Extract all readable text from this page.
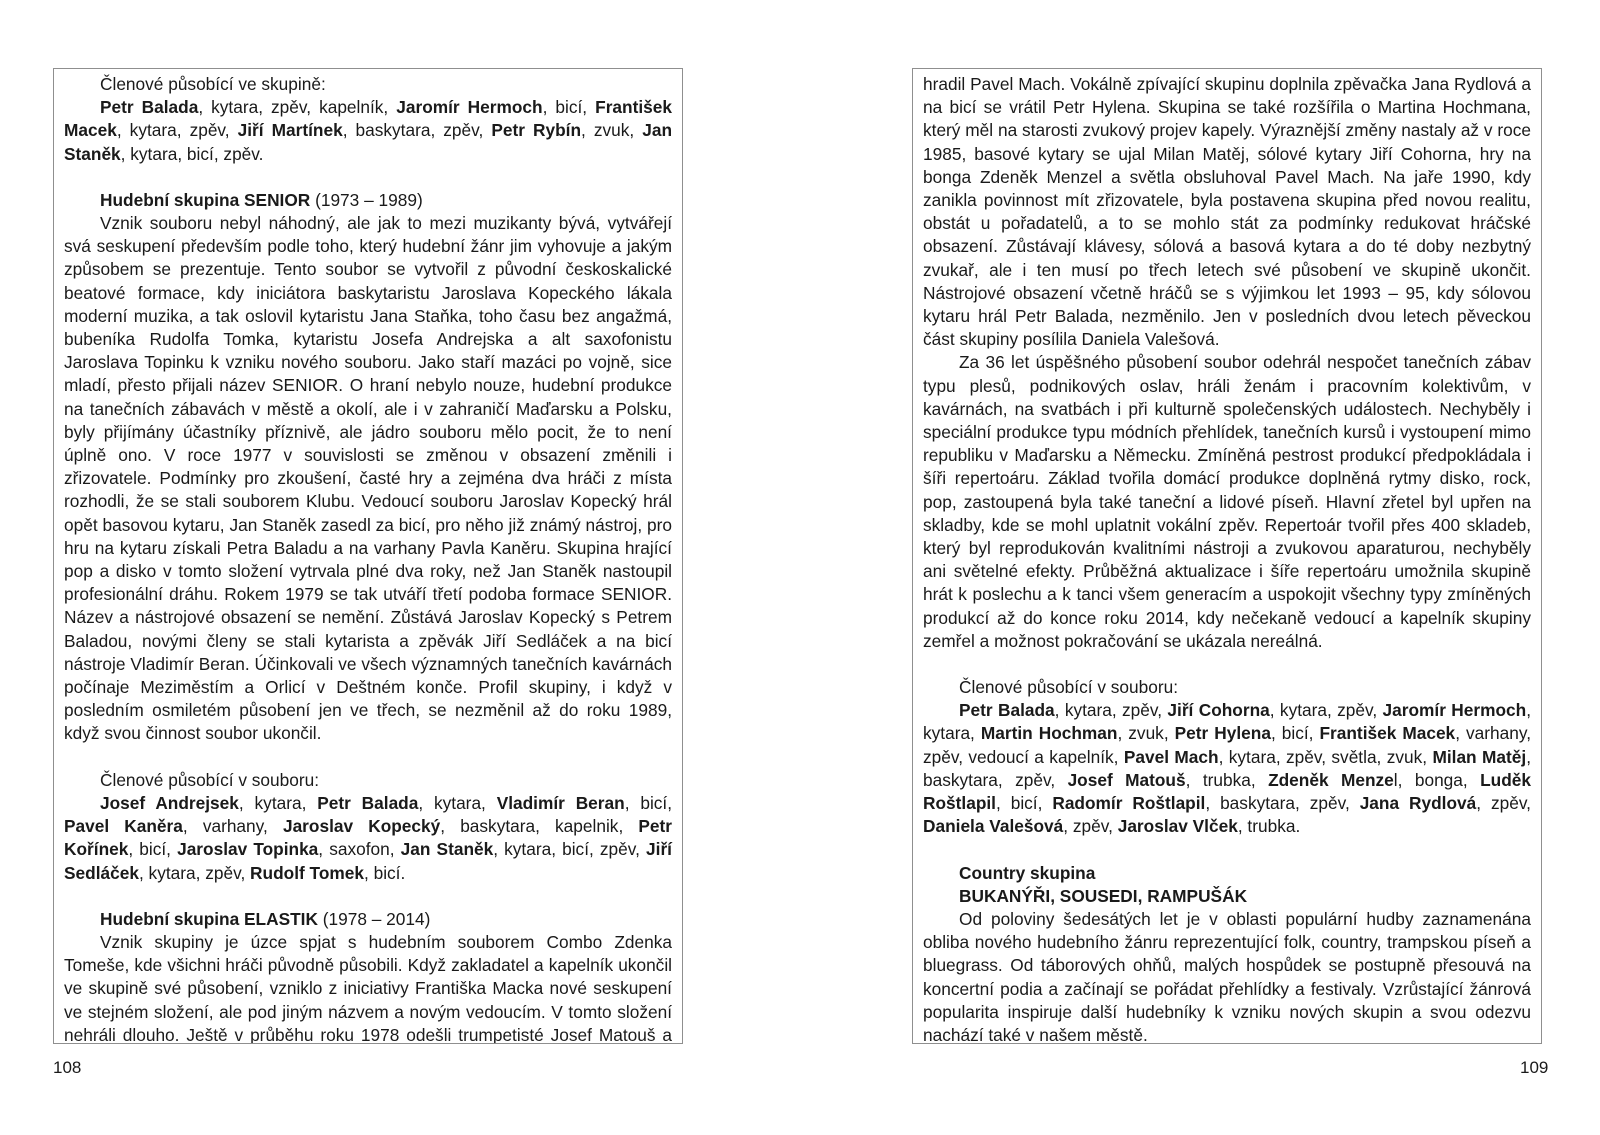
Členové působící ve skupině:

Petr Balada, kytara, zpěv, kapelník, Jaromír Hermoch, bicí, František Macek, kytara, zpěv, Jiří Martínek, baskytara, zpěv, Petr Rybín, zvuk, Jan Staněk, kytara, bicí, zpěv.

Hudební skupina SENIOR (1973 – 1989)

Vznik souboru nebyl náhodný, ale jak to mezi muzikanty bývá, vytvářejí svá seskupení především podle toho, který hudební žánr jim vyhovuje a jakým způsobem se prezentuje. Tento soubor se vytvořil z původní českoskalické beatové formace, kdy iniciátora baskytaristu Jaroslava Kopeckého lákala moderní muzika, a tak oslovil kytaristu Jana Staňka, toho času bez angažmá, bubeníka Rudolfa Tomka, kytaristu Josefa Andrejska a alt saxofonistu Jaroslava Topinku k vzniku nového souboru. Jako staří mazáci po vojně, sice mladí, přesto přijali název SENIOR. O hraní nebylo nouze, hudební produkce na tanečních zábavách v městě a okolí, ale i v zahraničí Maďarsku a Polsku, byly přijímány účastníky příznivě, ale jádro souboru mělo pocit, že to není úplně ono. V roce 1977 v souvislosti se změnou v obsazení změnili i zřizovatele. Podmínky pro zkoušení, časté hry a zejména dva hráči z místa rozhodli, že se stali souborem Klubu. Vedoucí souboru Jaroslav Kopecký hrál opět basovou kytaru, Jan Staněk zasedl za bicí, pro něho již známý nástroj, pro hru na kytaru získali Petra Baladu a na varhany Pavla Kaněru. Skupina hrající pop a disko v tomto složení vytrvala plné dva roky, než Jan Staněk nastoupil profesionální dráhu. Rokem 1979 se tak utváří třetí podoba formace SENIOR. Název a nástrojové obsazení se nemění. Zůstává Jaroslav Kopecký s Petrem Baladou, novými členy se stali kytarista a zpěvák Jiří Sedláček a na bicí nástroje Vladimír Beran. Účinkovali ve všech významných tanečních kavárnách počínaje Meziměstím a Orlicí v Deštném konče. Profil skupiny, i když v posledním osmiletém působení jen ve třech, se nezměnil až do roku 1989, když svou činnost soubor ukončil.

Členové působící v souboru:

Josef Andrejsek, kytara, Petr Balada, kytara, Vladimír Beran, bicí, Pavel Kaněra, varhany, Jaroslav Kopecký, baskytara, kapelnik, Petr Kořínek, bicí, Jaroslav Topinka, saxofon, Jan Staněk, kytara, bicí, zpěv, Jiří Sedláček, kytara, zpěv, Rudolf Tomek, bicí.

Hudební skupina ELASTIK (1978 – 2014)

Vznik skupiny je úzce spjat s hudebním souborem Combo Zdenka Tomeše, kde všichni hráči původně působili. Když zakladatel a kapelník ukončil ve skupině své působení, vzniklo z iniciativy Františka Macka nové seskupení ve stejném složení, ale pod jiným názvem a novým vedoucím. V tomto složení nehráli dlouho. Ještě v průběhu roku 1978 odešli trumpetisté Josef Matouš a

108

hradil Pavel Mach. Vokálně zpívající skupinu doplnila zpěvačka Jana Rydlová a na bicí se vrátil Petr Hylena. Skupina se také rozšířila o Martina Hochmana, který měl na starosti zvukový projev kapely. Výraznější změny nastaly až v roce 1985, basové kytary se ujal Milan Matěj, sólové kytary Jiří Cohorna, hry na bonga Zdeněk Menzel a světla obsluhoval Pavel Mach. Na jaře 1990, kdy zanikla povinnost mít zřizovatele, byla postavena skupina před novou realitu, obstát u pořadatelů, a to se mohlo stát za podmínky redukovat hráčské obsazení. Zůstávají klávesy, sólová a basová kytara a do té doby nezbytný zvukař, ale i ten musí po třech letech své působení ve skupině ukončit. Nástrojové obsazení včetně hráčů se s výjimkou let 1993 – 95, kdy sólovou kytaru hrál Petr Balada, nezměnilo. Jen v posledních dvou letech pěveckou část skupiny posílila Daniela Valešová.

Za 36 let úspěšného působení soubor odehrál nespočet tanečních zábav typu plesů, podnikových oslav, hráli ženám i pracovním kolektivům, v kavárnách, na svatbách i při kulturně společenských událostech. Nechyběly i speciální produkce typu módních přehlídek, tanečních kursů i vystoupení mimo republiku v Maďarsku a Německu. Zmíněná pestrost produkcí předpokládala i šíři repertoáru. Základ tvořila domácí produkce doplněná rytmy disko, rock, pop, zastoupená byla také taneční a lidové píseň. Hlavní zřetel byl upřen na skladby, kde se mohl uplatnit vokální zpěv. Repertoár tvořil přes 400 skladeb, který byl reprodukován kvalitními nástroji a zvukovou aparaturou, nechyběly ani světelné efekty. Průběžná aktualizace i šíře repertoáru umožnila skupině hrát k poslechu a k tanci všem generacím a uspokojit všechny typy zmíněných produkcí až do konce roku 2014, kdy nečekaně vedoucí a kapelník skupiny zemřel a možnost pokračování se ukázala nereálná.

Členové působící v souboru:

Petr Balada, kytara, zpěv, Jiří Cohorna, kytara, zpěv, Jaromír Hermoch, kytara, Martin Hochman, zvuk, Petr Hylena, bicí, František Macek, varhany, zpěv, vedoucí a kapelník, Pavel Mach, kytara, zpěv, světla, zvuk, Milan Matěj, baskytara, zpěv, Josef Matouš, trubka, Zdeněk Menzel, bonga, Luděk Roštlapil, bicí, Radomír Roštlapil, baskytara, zpěv, Jana Rydlová, zpěv, Daniela Valešová, zpěv, Jaroslav Vlček, trubka.

Country skupina
BUKANÝŘI, SOUSEDI, RAMPUŠÁK

Od poloviny šedesátých let je v oblasti populární hudby zaznamenána obliba nového hudebního žánru reprezentující folk, country, trampskou píseň a bluegrass. Od táborových ohňů, malých hospůdek se postupně přesouvá na koncertní podia a začínají se pořádat přehlídky a festivaly. Vzrůstající žánrová popularita inspiruje další hudebníky k vzniku nových skupin a svou odezvu nachází také v našem městě.

109
